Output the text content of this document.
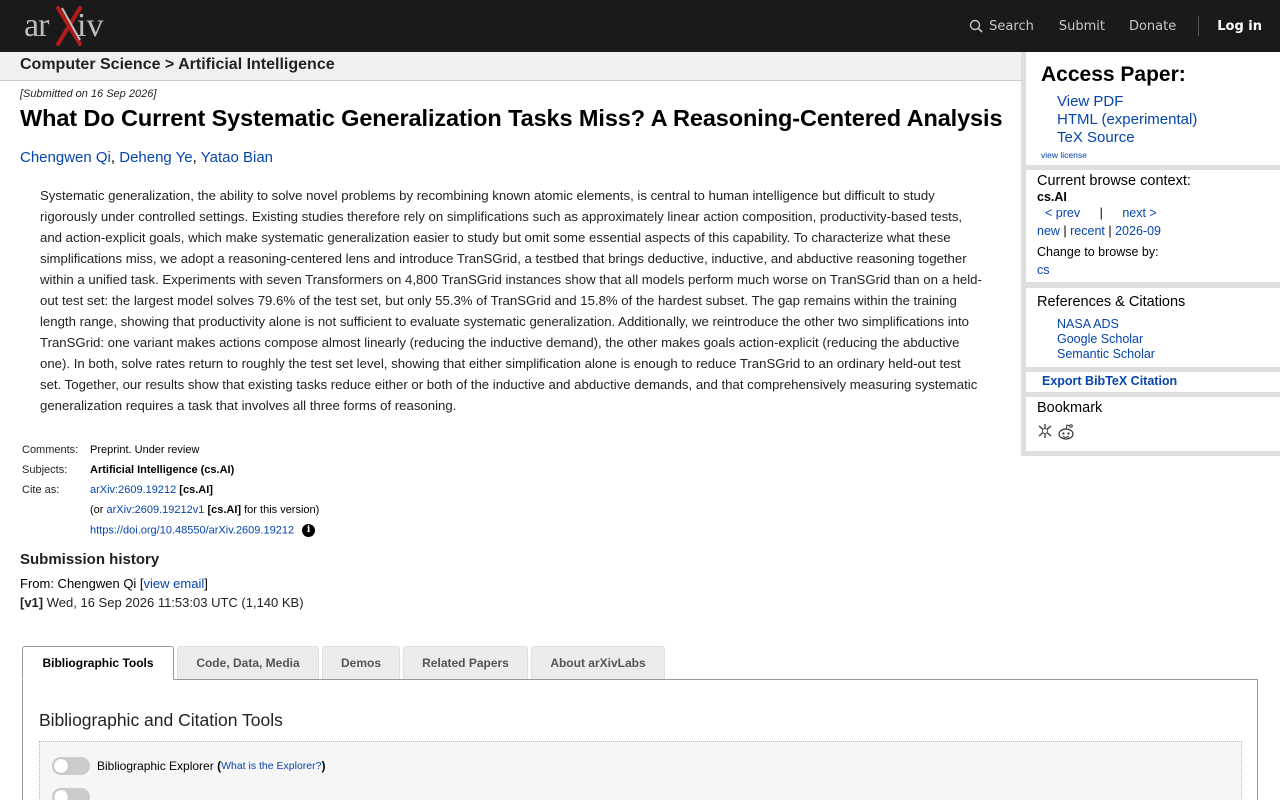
ar iv	Search Submit Donate	Log in
Computer Science > Artificial Intelligence
[Submitted on 16 Sep 2026]
What Do Current Systematic Generalization Tasks Miss? A Reasoning-Centered Analysis
Chengwen Qi, Deheng Ye, Yatao Bian
Systematic generalization, the ability to solve novel problems by recombining known atomic elements, is central to human intelligence but difficult to study rigorously under controlled settings. Existing studies therefore rely on simplifications such as approximately linear action composition, productivity-based tests, and action-explicit goals, which make systematic generalization easier to study but omit some essential aspects of this capability. To characterize what these simplifications miss, we adopt a reasoning-centered lens and introduce TranSGrid, a testbed that brings deductive, inductive, and abductive reasoning together within a unified task. Experiments with seven Transformers on 4,800 TranSGrid instances show that all models perform much worse on TranSGrid than on a held-out test set: the largest model solves 79.6% of the test set, but only 55.3% of TranSGrid and 15.8% of the hardest subset. The gap remains within the training length range, showing that productivity alone is not sufficient to evaluate systematic generalization. Additionally, we reintroduce the other two simplifications into TranSGrid: one variant makes actions compose almost linearly (reducing the inductive demand), the other makes goals action-explicit (reducing the abductive one). In both, solve rates return to roughly the test set level, showing that either simplification alone is enough to reduce TranSGrid to an ordinary held-out test set. Together, our results show that existing tasks reduce either or both of the inductive and abductive demands, and that comprehensively measuring systematic generalization requires a task that involves all three forms of reasoning.
Comments:	Preprint. Under review
Subjects:	Artificial Intelligence (cs.AI)
Cite as:	arXiv:2609.19212 [cs.AI]
	(or arXiv:2609.19212v1 [cs.AI] for this version)
	https://doi.org/10.48550/arXiv.2609.19212 i
Submission history
From: Chengwen Qi [view email]
[v1] Wed, 16 Sep 2026 11:53:03 UTC (1,140 KB)
Bibliographic Tools	Code, Data, Media	Demos	Related Papers	About arXivLabs
Bibliographic and Citation Tools
Bibliographic Explorer
( What is the Explorer? )
Access Paper:
View PDF
HTML (experimental)
TeX Source
view license
Current browse context:
cs.AI
< prev | next >
new | recent | 2026-09
Change to browse by:
cs
References & Citations
NASA ADS
Google Scholar
Semantic Scholar
Export BibTeX Citation
Bookmark
